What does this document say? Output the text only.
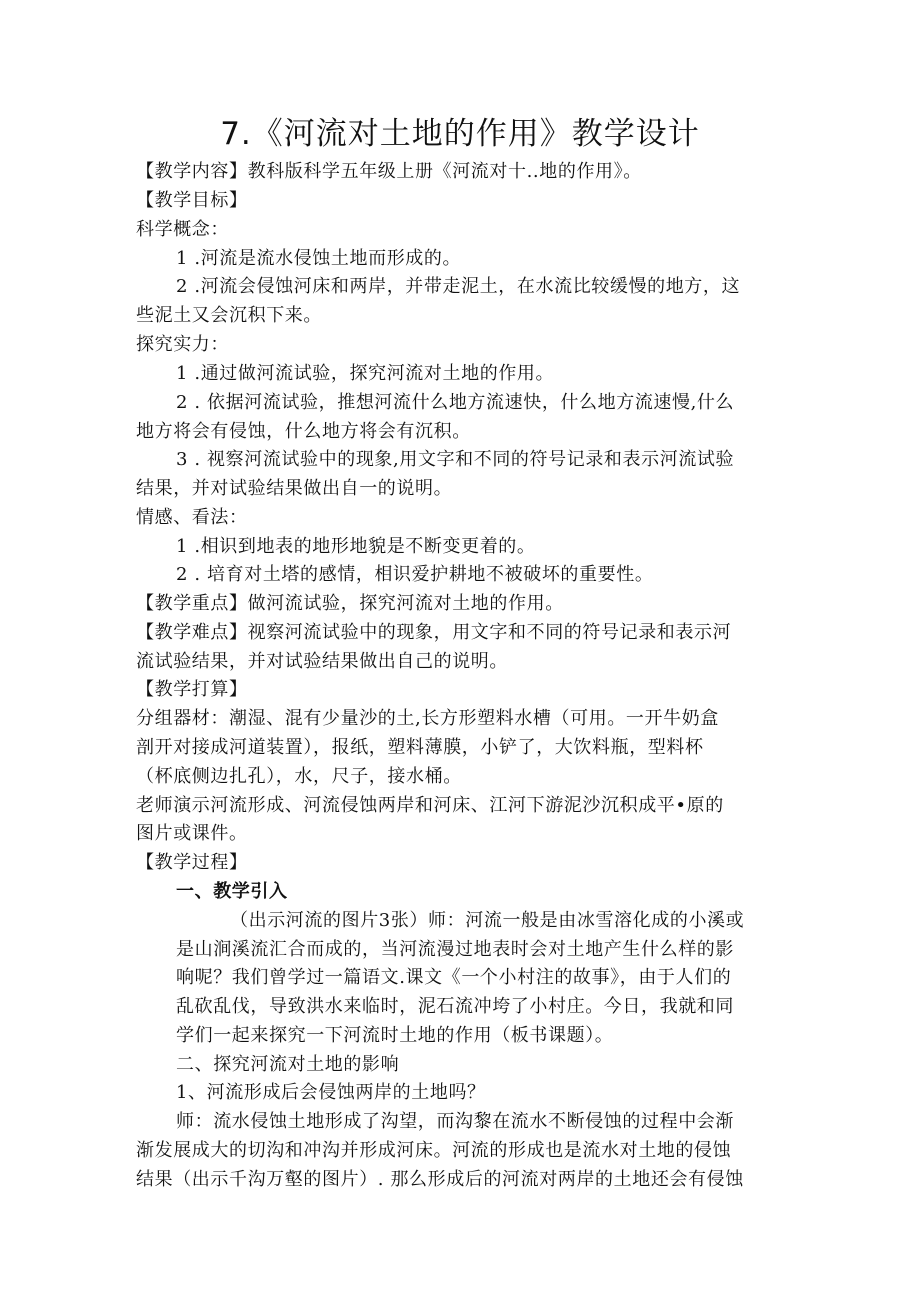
7.《河流对土地的作用》教学设计
【教学内容】教科版科学五年级上册《河流对十..地的作用》。
【教学目标】
科学概念：
1 .河流是流水侵蚀土地而形成的。
2 .河流会侵蚀河床和两岸，并带走泥土，在水流比较缓慢的地方，这
些泥土又会沉积下来。
探究实力：
1 .通过做河流试验，探究河流对土地的作用。
2 . 依据河流试验，推想河流什么地方流速快，什么地方流速慢,什么
地方将会有侵蚀，什么地方将会有沉积。
3 . 视察河流试验中的现象,用文字和不同的符号记录和表示河流试验
结果，并对试验结果做出自一的说明。
情感、看法：
1 .相识到地表的地形地貌是不断变更着的。
2 . 培育对土塔的感情，相识爱护耕地不被破坏的重要性。
【教学重点】做河流试验，探究河流对土地的作用。
【教学难点】视察河流试验中的现象，用文字和不同的符号记录和表示河
流试验结果，并对试验结果做出自己的说明。
【教学打算】
分组器材：潮湿、混有少量沙的土,长方形塑料水槽（可用。一开牛奶盒
剖开对接成河道装置），报纸，塑料薄膜，小铲了，大饮料瓶，型料杯
（杯底侧边扎孔），水，尺子，接水桶。
老师演示河流形成、河流侵蚀两岸和河床、江河下游泥沙沉积成平•原的
图片或课件。
【教学过程】
一、教学引入
（出示河流的图片3张）师：河流一般是由冰雪溶化成的小溪或
是山涧溪流汇合而成的，当河流漫过地表时会对土地产生什么样的影
响呢？我们曾学过一篇语文.课文《一个小村注的故事》，由于人们的
乱砍乱伐，导致洪水来临时，泥石流冲垮了小村庄。今日，我就和同
学们一起来探究一下河流时土地的作用（板书课题）。
二、探究河流对土地的影响
1、河流形成后会侵蚀两岸的土地吗？
师：流水侵蚀土地形成了沟望，而沟黎在流水不断侵蚀的过程中会渐
渐发展成大的切沟和冲沟并形成河床。河流的形成也是流水对土地的侵蚀
结果（出示千沟万壑的图片）. 那么形成后的河流对两岸的土地还会有侵蚀
